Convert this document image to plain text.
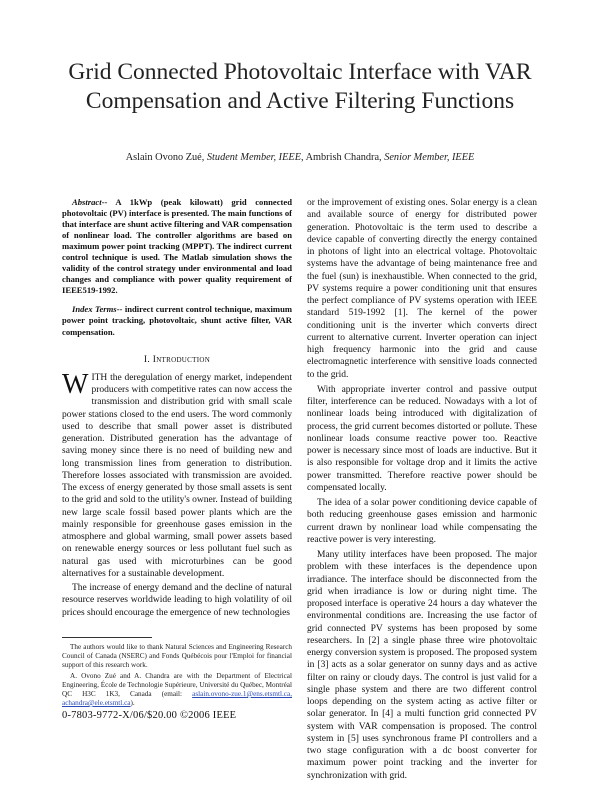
Grid Connected Photovoltaic Interface with VAR Compensation and Active Filtering Functions
Aslain Ovono Zué, Student Member, IEEE, Ambrish Chandra, Senior Member, IEEE

Abstract-- A 1kWp (peak kilowatt) grid connected photovoltaic (PV) interface is presented. The main functions of that interface are shunt active filtering and VAR compensation of nonlinear load. The controller algorithms are based on maximum power point tracking (MPPT). The indirect current control technique is used. The Matlab simulation shows the validity of the control strategy under environmental and load changes and compliance with power quality requirement of IEEE519-1992.

Index Terms-- indirect current control technique, maximum power point tracking, photovoltaic, shunt active filter, VAR compensation.

I. Introduction

WITH the deregulation of energy market, independent producers with competitive rates can now access the transmission and distribution grid with small scale power stations closed to the end users. The word commonly used to describe that small power asset is distributed generation. Distributed generation has the advantage of saving money since there is no need of building new and long transmission lines from generation to distribution. Therefore losses associated with transmission are avoided. The excess of energy generated by those small assets is sent to the grid and sold to the utility's owner. Instead of building new large scale fossil based power plants which are the mainly responsible for greenhouse gases emission in the atmosphere and global warming, small power assets based on renewable energy sources or less pollutant fuel such as natural gas used with microturbines can be good alternatives for a sustainable development.

The increase of energy demand and the decline of natural resource reserves worldwide leading to high volatility of oil prices should encourage the emergence of new technologies

The authors would like to thank Natural Sciences and Engineering Research Council of Canada (NSERC) and Fonds Québécois pour l'Emploi for financial support of this research work.

A. Ovono Zué and A. Chandra are with the Department of Electrical Engineering, École de Technologie Supérieure, Université du Québec, Montréal QC H3C 1K3, Canada (email: aslain.ovono-zue.1@ens.etsmtl.ca, achandra@ele.etsmtl.ca).

0-7803-9772-X/06/$20.00 ©2006 IEEE

or the improvement of existing ones. Solar energy is a clean and available source of energy for distributed power generation. Photovoltaic is the term used to describe a device capable of converting directly the energy contained in photons of light into an electrical voltage. Photovoltaic systems have the advantage of being maintenance free and the fuel (sun) is inexhaustible. When connected to the grid, PV systems require a power conditioning unit that ensures the perfect compliance of PV systems operation with IEEE standard 519-1992 [1]. The kernel of the power conditioning unit is the inverter which converts direct current to alternative current. Inverter operation can inject high frequency harmonic into the grid and cause electromagnetic interference with sensitive loads connected to the grid.

With appropriate inverter control and passive output filter, interference can be reduced. Nowadays with a lot of nonlinear loads being introduced with digitalization of process, the grid current becomes distorted or pollute. These nonlinear loads consume reactive power too. Reactive power is necessary since most of loads are inductive. But it is also responsible for voltage drop and it limits the active power transmitted. Therefore reactive power should be compensated locally.

The idea of a solar power conditioning device capable of both reducing greenhouse gases emission and harmonic current drawn by nonlinear load while compensating the reactive power is very interesting.

Many utility interfaces have been proposed. The major problem with these interfaces is the dependence upon irradiance. The interface should be disconnected from the grid when irradiance is low or during night time. The proposed interface is operative 24 hours a day whatever the environmental conditions are. Increasing the use factor of grid connected PV systems has been proposed by some researchers. In [2] a single phase three wire photovoltaic energy conversion system is proposed. The proposed system in [3] acts as a solar generator on sunny days and as active filter on rainy or cloudy days. The control is just valid for a single phase system and there are two different control loops depending on the system acting as active filter or solar generator. In [4] a multi function grid connected PV system with VAR compensation is proposed. The control system in [5] uses synchronous frame PI controllers and a two stage configuration with a dc boost converter for maximum power point tracking and the inverter for synchronization with grid.
